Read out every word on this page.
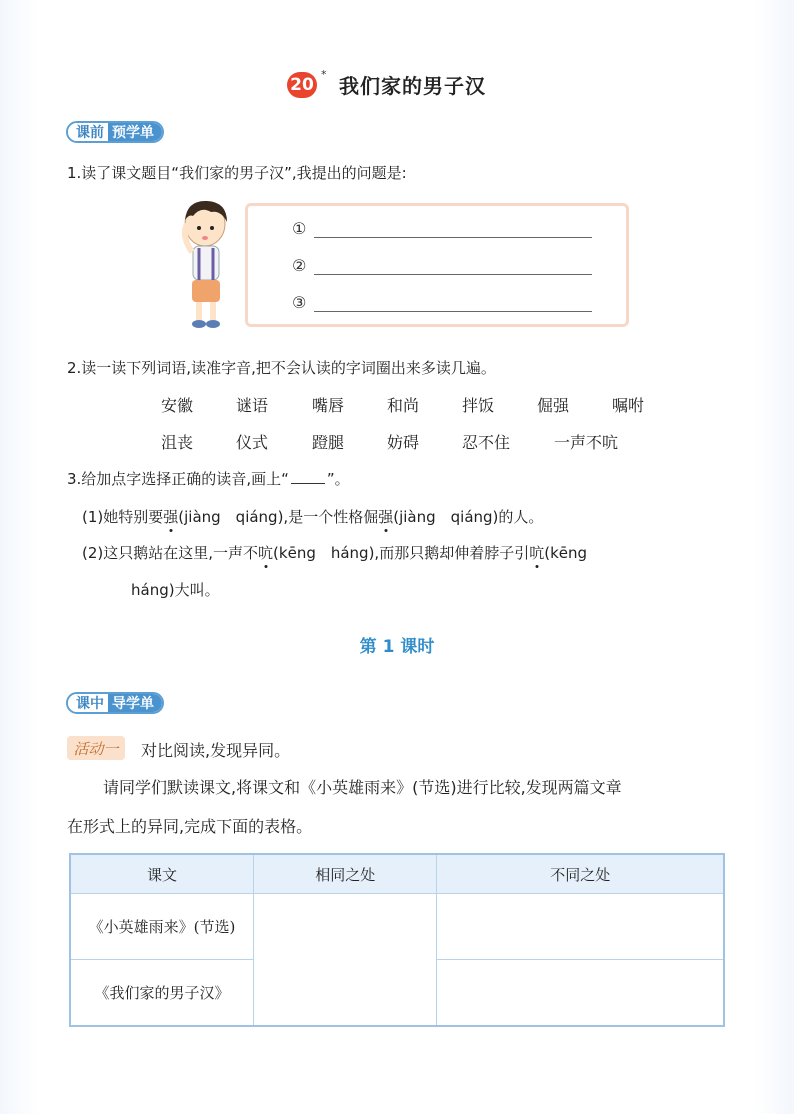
20
* 我们家的男子汉
课前 预学单
1.读了课文题目“我们家的男子汉”,我提出的问题是:
①
②
③
2.读一读下列词语,读准字音,把不会认读的字词圈出来多读几遍。
安徽	谜语	嘴唇	和尚	拌饭	倔强	嘱咐
沮丧	仪式	蹬腿	妨碍	忍不住	一声不吭
3.给加点字选择正确的读音,画上“	”。
(1)她特别要强(jiàng　qiáng),是一个性格倔强(jiàng　qiáng)的人。
(2)这只鹅站在这里,一声不吭(kēng　háng),而那只鹅却伸着脖子引吭(kēng
háng)大叫。
第 1 课时
课中 导学单
活动一	对比阅读,发现异同。
请同学们默读课文,将课文和《小英雄雨来》(节选)进行比较,发现两篇文章
在形式上的异同,完成下面的表格。
课文	相同之处	不同之处
《小英雄雨来》(节选)		
《我们家的男子汉》		
